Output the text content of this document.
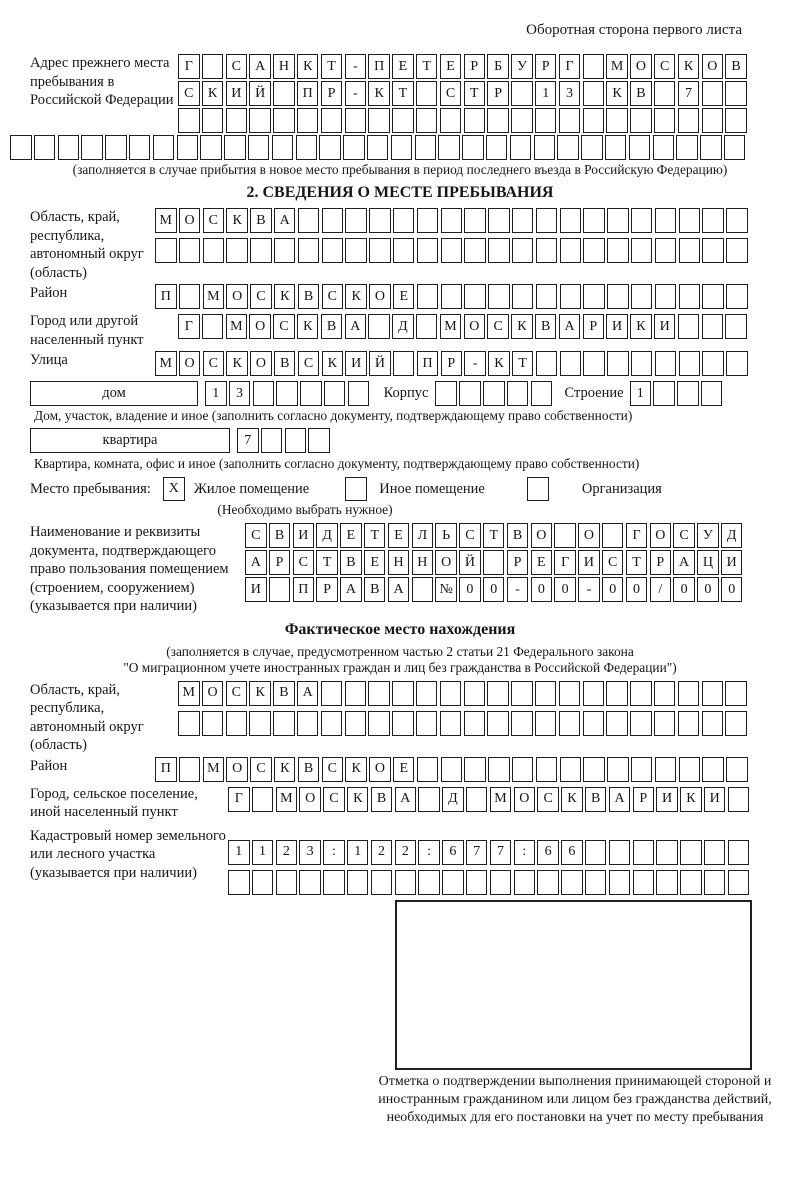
Оборотная сторона первого листа
Адрес прежнего места пребывания в Российской Федерации
Г	С	А Н	К	Т	-	П	Е	Т	Е	Р	Б	У	Р	Г	М О	С	К	О	В
С	К	И Й	П	Р	-	К	Т	С	Т	Р	1	3	К	В	7
(заполняется в случае прибытия в новое место пребывания в период последнего въезда в Российскую Федерацию)
2. СВЕДЕНИЯ О МЕСТЕ ПРЕБЫВАНИЯ
Область, край, республика, автономный округ (область)
М О	С	К	В	А
Район	П	М О	С	К	В	С	К	О	Е
Город или другой населенный пункт
Г	М О	С	К	В	А	Д	М О	С	К	В	А	Р	И	К	И
Улица	М О	С	К	О	В	С	К	И Й	П	Р	-	К	Т
дом	1	3	Корпус	Строение 1
Дом, участок, владение и иное (заполнить согласно документу, подтверждающему право собственности)
квартира	7
Квартира, комната, офис и иное (заполнить согласно документу, подтверждающему право собственности)
Место пребывания:	X	Жилое помещение	Иное помещение	Организация
(Необходимо выбрать нужное)
Наименование и реквизиты документа, подтверждающего право пользования помещением (строением, сооружением) (указывается при наличии)
С	В	И Д	Е	Т	Е	Л	Ь	С	Т	В	О	О	Г	О	С	У	Д
А	Р	С	Т	В	Е	Н Н О Й	Р	Е	Г	И	С	Т	Р	А Ц И
И	П	Р	А	В	А	№ 0	0	-	0	0	-	0	0	/	0	0	0
Фактическое место нахождения
(заполняется в случае, предусмотренном частью 2 статьи 21 Федерального закона
"О миграционном учете иностранных граждан и лиц без гражданства в Российской Федерации")
Область, край, республика, автономный округ (область)
М О	С	К	В	А
Район	П	М О	С	К	В	С	К	О	Е
Город, сельское поселение, иной населенный пункт
Г	М О	С	К	В	А	Д	М О	С	К	В	А	Р	И	К	И
Кадастровый номер земельного или лесного участка (указывается при наличии)
1	1	2	3	:	1	2	2	:	6	7	7	:	6	6
Отметка о подтверждении выполнения принимающей стороной и иностранным гражданином или лицом без гражданства действий, необходимых для его постановки на учет по месту пребывания
